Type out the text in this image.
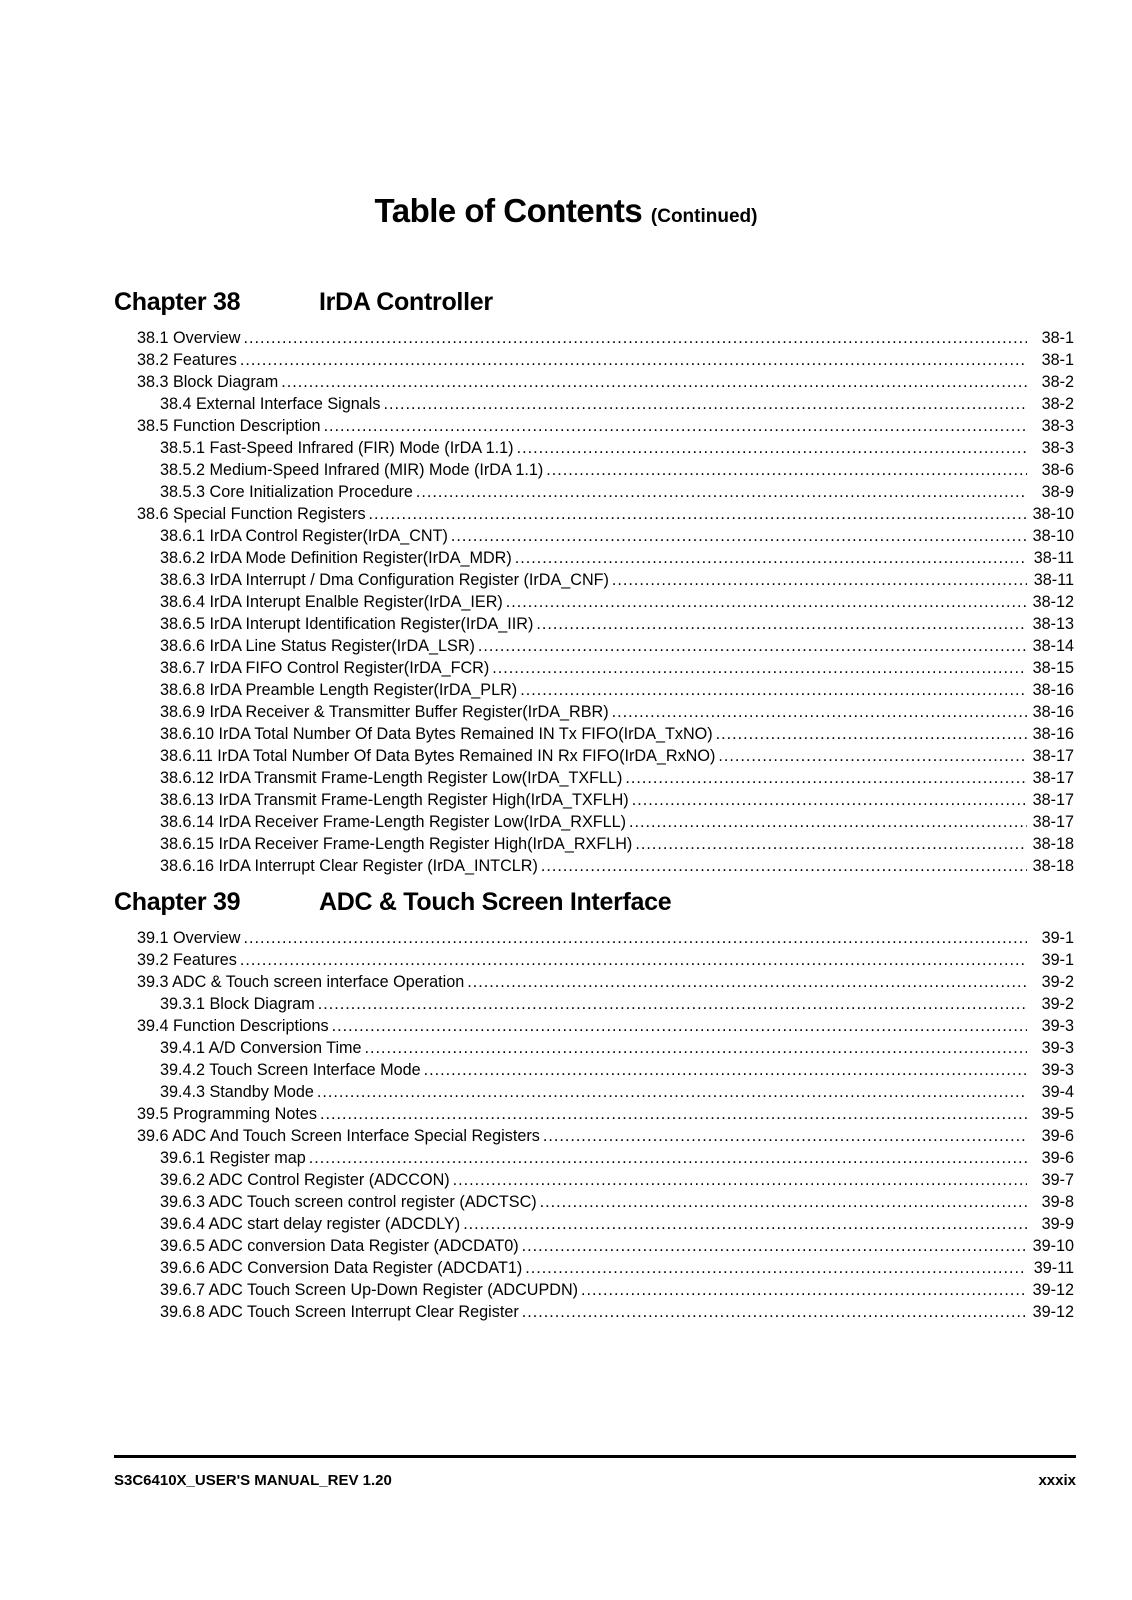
Table of Contents (Continued)
Chapter 38	IrDA Controller
38.1 Overview .....	38-1
38.2 Features .....	38-1
38.3 Block Diagram .....	38-2
38.4 External Interface Signals .....	38-2
38.5 Function Description .....	38-3
38.5.1 Fast-Speed Infrared (FIR) Mode (IrDA 1.1) .....	38-3
38.5.2 Medium-Speed Infrared (MIR) Mode (IrDA 1.1) .....	38-6
38.5.3 Core Initialization Procedure .....	38-9
38.6 Special Function Registers .....	38-10
38.6.1 IrDA Control Register(IrDA_CNT) .....	38-10
38.6.2 IrDA Mode Definition Register(IrDA_MDR) .....	38-11
38.6.3 IrDA Interrupt / Dma Configuration Register (IrDA_CNF) .....	38-11
38.6.4 IrDA Interupt Enalble Register(IrDA_IER) .....	38-12
38.6.5 IrDA Interupt Identification Register(IrDA_IIR) .....	38-13
38.6.6 IrDA Line Status Register(IrDA_LSR) .....	38-14
38.6.7 IrDA FIFO Control Register(IrDA_FCR) .....	38-15
38.6.8 IrDA Preamble Length Register(IrDA_PLR) .....	38-16
38.6.9 IrDA Receiver & Transmitter Buffer Register(IrDA_RBR) .....	38-16
38.6.10 IrDA Total Number Of Data Bytes Remained IN Tx FIFO(IrDA_TxNO) .....	38-16
38.6.11 IrDA Total Number Of Data Bytes Remained IN Rx FIFO(IrDA_RxNO) .....	38-17
38.6.12 IrDA Transmit Frame-Length Register Low(IrDA_TXFLL) .....	38-17
38.6.13 IrDA Transmit Frame-Length Register High(IrDA_TXFLH) .....	38-17
38.6.14 IrDA Receiver Frame-Length Register Low(IrDA_RXFLL) .....	38-17
38.6.15 IrDA Receiver Frame-Length Register High(IrDA_RXFLH) .....	38-18
38.6.16 IrDA Interrupt Clear Register (IrDA_INTCLR) .....	38-18
Chapter 39	ADC & Touch Screen Interface
39.1 Overview .....	39-1
39.2 Features .....	39-1
39.3 ADC & Touch screen interface Operation .....	39-2
39.3.1 Block Diagram .....	39-2
39.4 Function Descriptions .....	39-3
39.4.1 A/D Conversion Time .....	39-3
39.4.2 Touch Screen Interface Mode .....	39-3
39.4.3 Standby Mode .....	39-4
39.5 Programming Notes .....	39-5
39.6 ADC And Touch Screen Interface Special Registers .....	39-6
39.6.1 Register map .....	39-6
39.6.2 ADC Control Register (ADCCON) .....	39-7
39.6.3 ADC Touch screen control register (ADCTSC) .....	39-8
39.6.4 ADC start delay register (ADCDLY) .....	39-9
39.6.5 ADC conversion Data Register (ADCDAT0) .....	39-10
39.6.6 ADC Conversion Data Register (ADCDAT1) .....	39-11
39.6.7 ADC Touch Screen Up-Down Register (ADCUPDN) .....	39-12
39.6.8 ADC Touch Screen Interrupt Clear Register .....	39-12
S3C6410X_USER'S MANUAL_REV 1.20	xxxix
